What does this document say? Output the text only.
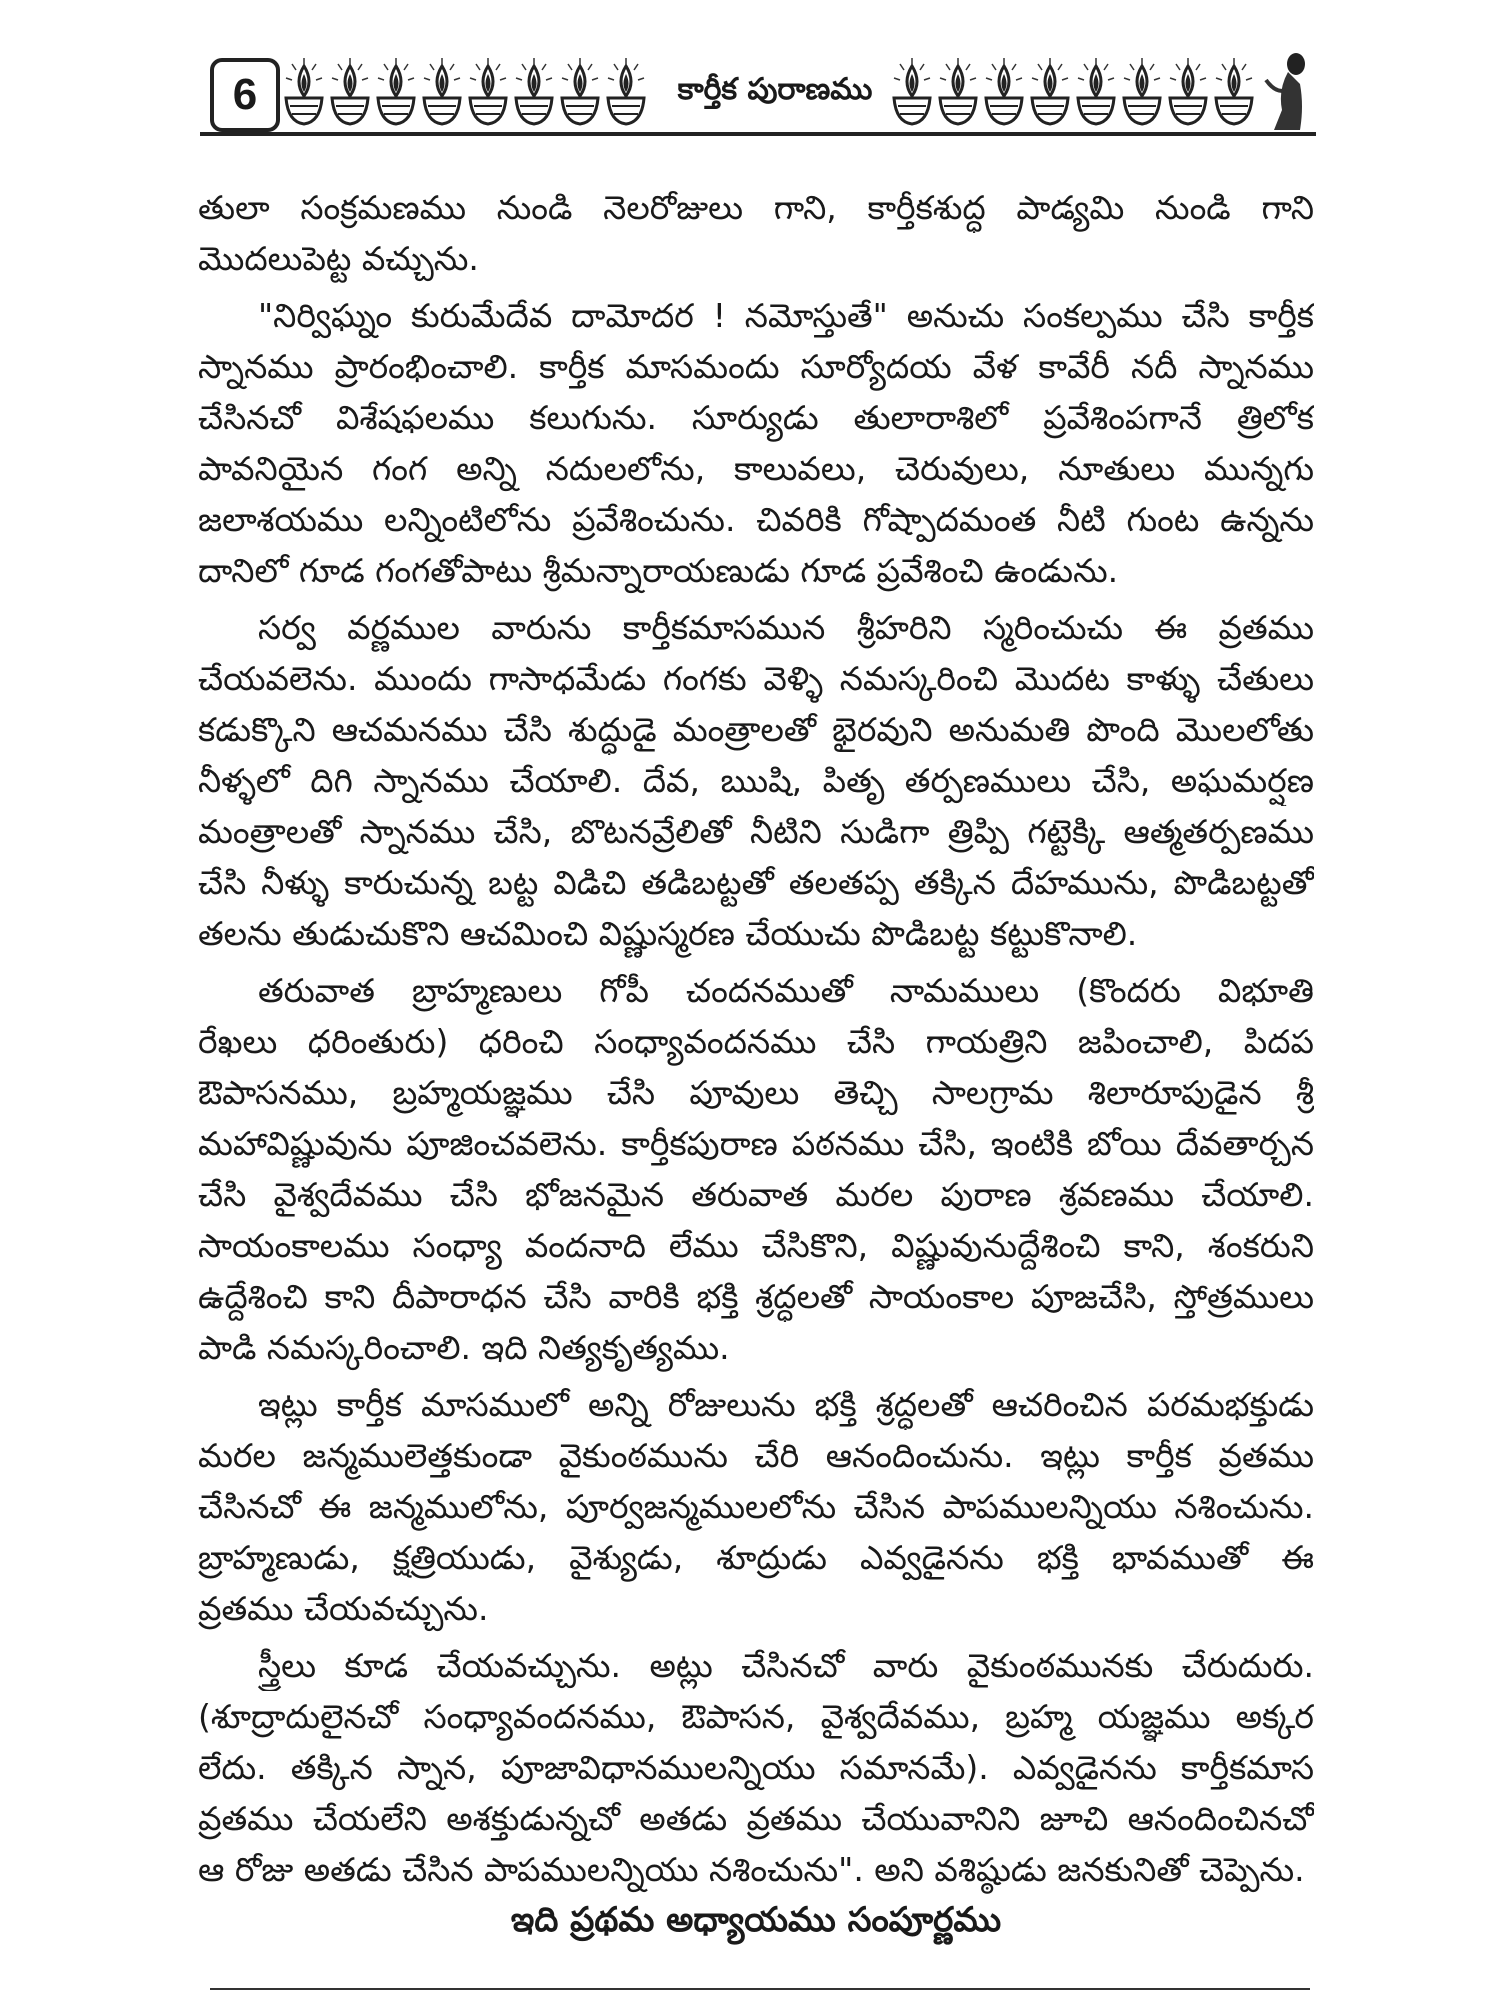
6	కార్తీక పురాణము
తులా సంక్రమణము నుండి నెలరోజులు గాని, కార్తీకశుద్ధ పాడ్యమి నుండి గాని
మొదలుపెట్ట వచ్చును.
"నిర్విఘ్నం కురుమేదేవ దామోదర ! నమోస్తుతే" అనుచు సంకల్పము చేసి కార్తీక
స్నానము ప్రారంభించాలి. కార్తీక మాసమందు సూర్యోదయ వేళ కావేరీ నదీ స్నానము
చేసినచో విశేషఫలము కలుగును. సూర్యుడు తులారాశిలో ప్రవేశింపగానే త్రిలోక
పావనియైన గంగ అన్ని నదులలోను, కాలువలు, చెరువులు, నూతులు మున్నగు
జలాశయము లన్నింటిలోను ప్రవేశించును. చివరికి గోష్పాదమంత నీటి గుంట ఉన్నను
దానిలో గూడ గంగతోపాటు శ్రీమన్నారాయణుడు గూడ ప్రవేశించి ఉండును.
సర్వ వర్ణముల వారును కార్తీకమాసమున శ్రీహరిని స్మరించుచు ఈ వ్రతము
చేయవలెను. ముందు గాసాధమేడు గంగకు వెళ్ళి నమస్కరించి మొదట కాళ్ళు చేతులు
కడుక్కొని ఆచమనము చేసి శుద్ధుడై మంత్రాలతో భైరవుని అనుమతి పొంది మొలలోతు
నీళ్ళలో దిగి స్నానము చేయాలి. దేవ, ఋషి, పితృ తర్పణములు చేసి, అఘమర్షణ
మంత్రాలతో స్నానము చేసి, బొటనవ్రేలితో నీటిని సుడిగా త్రిప్పి గట్టెక్కి ఆత్మతర్పణము
చేసి నీళ్ళు కారుచున్న బట్ట విడిచి తడిబట్టతో తలతప్ప తక్కిన దేహమును, పొడిబట్టతో
తలను తుడుచుకొని ఆచమించి విష్ణుస్మరణ చేయుచు పొడిబట్ట కట్టుకొనాలి.
తరువాత బ్రాహ్మణులు గోపీ చందనముతో నామములు (కొందరు విభూతి
రేఖలు ధరింతురు) ధరించి సంధ్యావందనము చేసి గాయత్రిని జపించాలి, పిదప
ఔపాసనము, బ్రహ్మయజ్ఞము చేసి పూవులు తెచ్చి సాలగ్రామ శిలారూపుడైన శ్రీ
మహావిష్ణువును పూజించవలెను. కార్తీకపురాణ పఠనము చేసి, ఇంటికి బోయి దేవతార్చన
చేసి వైశ్వదేవము చేసి భోజనమైన తరువాత మరల పురాణ శ్రవణము చేయాలి.
సాయంకాలము సంధ్యా వందనాది లేము చేసికొని, విష్ణువునుద్దేశించి కాని, శంకరుని
ఉద్దేశించి కాని దీపారాధన చేసి వారికి భక్తి శ్రద్ధలతో సాయంకాల పూజచేసి, స్తోత్రములు
పాడి నమస్కరించాలి. ఇది నిత్యకృత్యము.
ఇట్లు కార్తీక మాసములో అన్ని రోజులును భక్తి శ్రద్ధలతో ఆచరించిన పరమభక్తుడు
మరల జన్మములెత్తకుండా వైకుంఠమును చేరి ఆనందించును. ఇట్లు కార్తీక వ్రతము
చేసినచో ఈ జన్మములోను, పూర్వజన్మములలోను చేసిన పాపములన్నియు నశించును.
బ్రాహ్మణుడు, క్షత్రియుడు, వైశ్యుడు, శూద్రుడు ఎవ్వడైనను భక్తి భావముతో ఈ
వ్రతము చేయవచ్చును.
స్త్రీలు కూడ చేయవచ్చును. అట్లు చేసినచో వారు వైకుంఠమునకు చేరుదురు.
(శూద్రాదులైనచో సంధ్యావందనము, ఔపాసన, వైశ్వదేవము, బ్రహ్మ యజ్ఞము అక్కర
లేదు. తక్కిన స్నాన, పూజావిధానములన్నియు సమానమే). ఎవ్వడైనను కార్తీకమాస
వ్రతము చేయలేని అశక్తుడున్నచో అతడు వ్రతము చేయువానిని జూచి ఆనందించినచో
ఆ రోజు అతడు చేసిన పాపములన్నియు నశించును". అని వశిష్ఠుడు జనకునితో చెప్పెను.
ఇది ప్రథమ అధ్యాయము సంపూర్ణము
